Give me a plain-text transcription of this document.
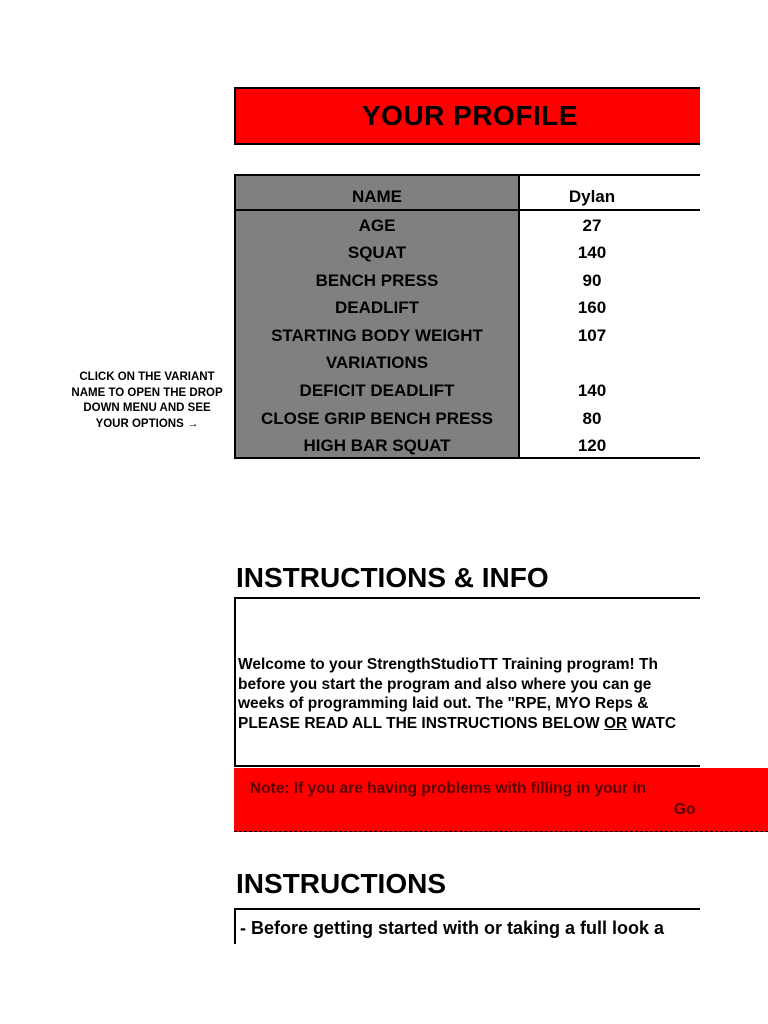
YOUR PROFILE
NAME
AGE
SQUAT
BENCH PRESS
DEADLIFT
STARTING BODY WEIGHT
VARIATIONS
DEFICIT DEADLIFT
CLOSE GRIP BENCH PRESS
HIGH BAR SQUAT
Dylan
27
140
90
160
107
140
80
120
CLICK ON THE VARIANT
NAME TO OPEN THE DROP
DOWN MENU AND SEE
YOUR OPTIONS →
INSTRUCTIONS & INFO
Welcome to your StrengthStudioTT Training program! Th
before you start the program and also where you can ge
weeks of programming laid out. The "RPE, MYO Reps &
PLEASE READ ALL THE INSTRUCTIONS BELOW OR WATC
Note: If you are having problems with filling in your in
Go
INSTRUCTIONS
- Before getting started with or taking a full look a
